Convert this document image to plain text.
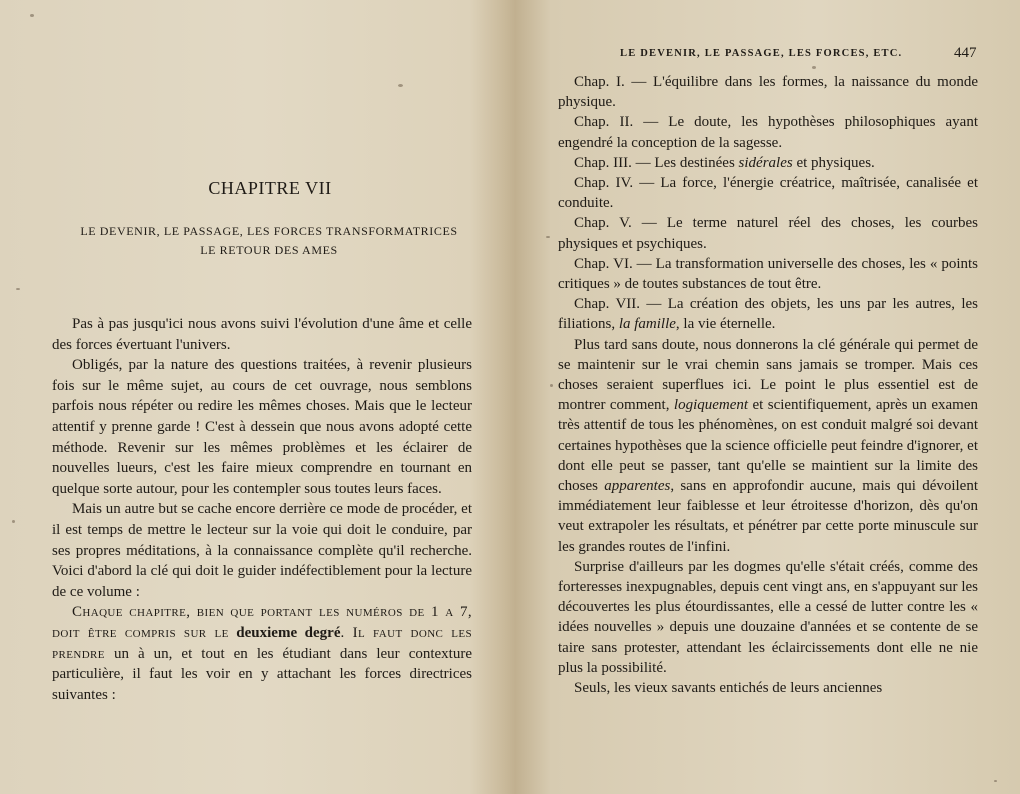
CHAPITRE VII
LE DEVENIR, LE PASSAGE, LES FORCES TRANSFORMATRICES
LE RETOUR DES AMES

Pas à pas jusqu'ici nous avons suivi l'évolution d'une âme et celle des forces évertuant l'univers.

Obligés, par la nature des questions traitées, à revenir plusieurs fois sur le même sujet, au cours de cet ouvrage, nous semblons parfois nous répéter ou redire les mêmes choses. Mais que le lecteur attentif y prenne garde ! C'est à dessein que nous avons adopté cette méthode. Revenir sur les mêmes problèmes et les éclairer de nouvelles lueurs, c'est les faire mieux comprendre en tournant en quelque sorte autour, pour les contempler sous toutes leurs faces.

Mais un autre but se cache encore derrière ce mode de procéder, et il est temps de mettre le lecteur sur la voie qui doit le conduire, par ses propres méditations, à la connaissance complète qu'il recherche. Voici d'abord la clé qui doit le guider indéfectiblement pour la lecture de ce volume :

Chaque chapitre, bien que portant les numéros de 1 a 7, doit être compris sur le deuxieme degré. Il faut donc les prendre un à un, et tout en les étudiant dans leur contexture particulière, il faut les voir en y attachant les forces directrices suivantes :

LE DEVENIR, LE PASSAGE, LES FORCES, ETC.	447

Chap. I. — L'équilibre dans les formes, la naissance du monde physique.

Chap. II. — Le doute, les hypothèses philosophiques ayant engendré la conception de la sagesse.

Chap. III. — Les destinées sidérales et physiques.

Chap. IV. — La force, l'énergie créatrice, maîtrisée, canalisée et conduite.

Chap. V. — Le terme naturel réel des choses, les courbes physiques et psychiques.

Chap. VI. — La transformation universelle des choses, les « points critiques » de toutes substances de tout être.

Chap. VII. — La création des objets, les uns par les autres, les filiations, la famille, la vie éternelle.

Plus tard sans doute, nous donnerons la clé générale qui permet de se maintenir sur le vrai chemin sans jamais se tromper. Mais ces choses seraient superflues ici. Le point le plus essentiel est de montrer comment, logiquement et scientifiquement, après un examen très attentif de tous les phénomènes, on est conduit malgré soi devant certaines hypothèses que la science officielle peut feindre d'ignorer, et dont elle peut se passer, tant qu'elle se maintient sur la limite des choses apparentes, sans en approfondir aucune, mais qui dévoilent immédiatement leur faiblesse et leur étroitesse d'horizon, dès qu'on veut extrapoler les résultats, et pénétrer par cette porte minuscule sur les grandes routes de l'infini.

Surprise d'ailleurs par les dogmes qu'elle s'était créés, comme des forteresses inexpugnables, depuis cent vingt ans, en s'appuyant sur les découvertes les plus étourdissantes, elle a cessé de lutter contre les « idées nouvelles » depuis une douzaine d'années et se contente de se taire sans protester, attendant les éclaircissements dont elle ne nie plus la possibilité.

Seuls, les vieux savants entichés de leurs anciennes
